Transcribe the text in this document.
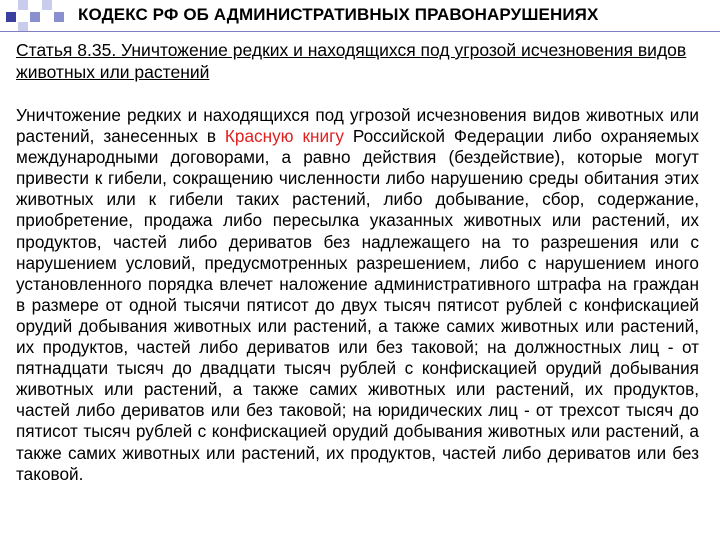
КОДЕКС РФ ОБ АДМИНИСТРАТИВНЫХ ПРАВОНАРУШЕНИЯХ
Статья 8.35. Уничтожение редких и находящихся под угрозой исчезновения видов животных или растений

Уничтожение редких и находящихся под угрозой исчезновения видов животных или растений, занесенных в Красную книгу Российской Федерации либо охраняемых международными договорами, а равно действия (бездействие), которые могут привести к гибели, сокращению численности либо нарушению среды обитания этих животных или к гибели таких растений, либо добывание, сбор, содержание, приобретение, продажа либо пересылка указанных животных или растений, их продуктов, частей либо дериватов без надлежащего на то разрешения или с нарушением условий, предусмотренных разрешением, либо с нарушением иного установленного порядка влечет наложение административного штрафа на граждан в размере от одной тысячи пятисот до двух тысяч пятисот рублей с конфискацией орудий добывания животных или растений, а также самих животных или растений, их продуктов, частей либо дериватов или без таковой; на должностных лиц - от пятнадцати тысяч до двадцати тысяч рублей с конфискацией орудий добывания животных или растений, а также самих животных или растений, их продуктов, частей либо дериватов или без таковой; на юридических лиц - от трехсот тысяч до пятисот тысяч рублей с конфискацией орудий добывания животных или растений, а также самих животных или растений, их продуктов, частей либо дериватов или без таковой.
